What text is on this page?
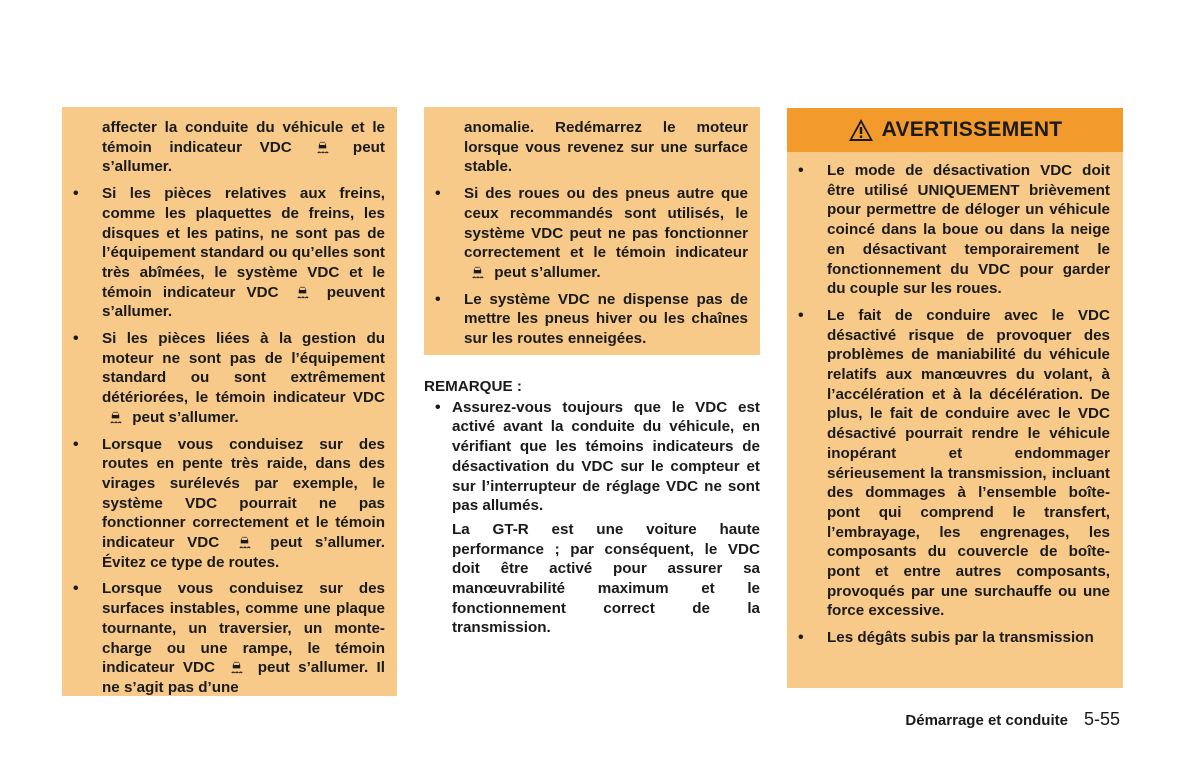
affecter la conduite du véhicule et le témoin indicateur VDC	peut s’allumer.
• Si les pièces relatives aux freins, comme les plaquettes de freins, les disques et les patins, ne sont pas de l’équipement standard ou qu’elles sont très abîmées, le système VDC et le témoin indicateur VDC	peuvent s’allumer.
• Si les pièces liées à la gestion du moteur ne sont pas de l’équipement standard ou sont extrêmement détériorées, le témoin indicateur VDC  peut s’allumer.
• Lorsque vous conduisez sur des routes en pente très raide, dans des virages surélevés par exemple, le système VDC pourrait ne pas fonctionner correctement et le témoin indicateur VDC	peut s’allumer. Évitez ce type de routes.
• Lorsque vous conduisez sur des surfaces instables, comme une plaque tournante, un traversier, un monte-charge ou une rampe, le témoin indicateur VDC	peut s’allumer. Il ne s’agit pas d’une
anomalie. Redémarrez le moteur lorsque vous revenez sur une surface stable.
• Si des roues ou des pneus autre que ceux recommandés sont utilisés, le système VDC peut ne pas fonctionner correctement et le témoin indicateur  peut s’allumer.
• Le système VDC ne dispense pas de mettre les pneus hiver ou les chaînes sur les routes enneigées.
REMARQUE :
• Assurez-vous toujours que le VDC est activé avant la conduite du véhicule, en vérifiant que les témoins indicateurs de désactivation du VDC sur le compteur et sur l’interrupteur de réglage VDC ne sont pas allumés.
La GT-R est une voiture haute performance ; par conséquent, le VDC doit être activé pour assurer sa manœuvrabilité maximum et le fonctionnement correct de la transmission.
AVERTISSEMENT
• Le mode de désactivation VDC doit être utilisé UNIQUEMENT brièvement pour permettre de déloger un véhicule coincé dans la boue ou dans la neige en désactivant temporairement le fonctionnement du VDC pour garder du couple sur les roues.
• Le fait de conduire avec le VDC désactivé risque de provoquer des problèmes de maniabilité du véhicule relatifs aux manœuvres du volant, à l’accélération et à la décélération. De plus, le fait de conduire avec le VDC désactivé pourrait rendre le véhicule inopérant et endommager sérieusement la transmission, incluant des dommages à l’ensemble boîte-pont qui comprend le transfert, l’embrayage, les engrenages, les composants du couvercle de boîte-pont et entre autres composants, provoqués par une surchauffe ou une force excessive.
• Les dégâts subis par la transmission
Démarrage et conduite 5-55
